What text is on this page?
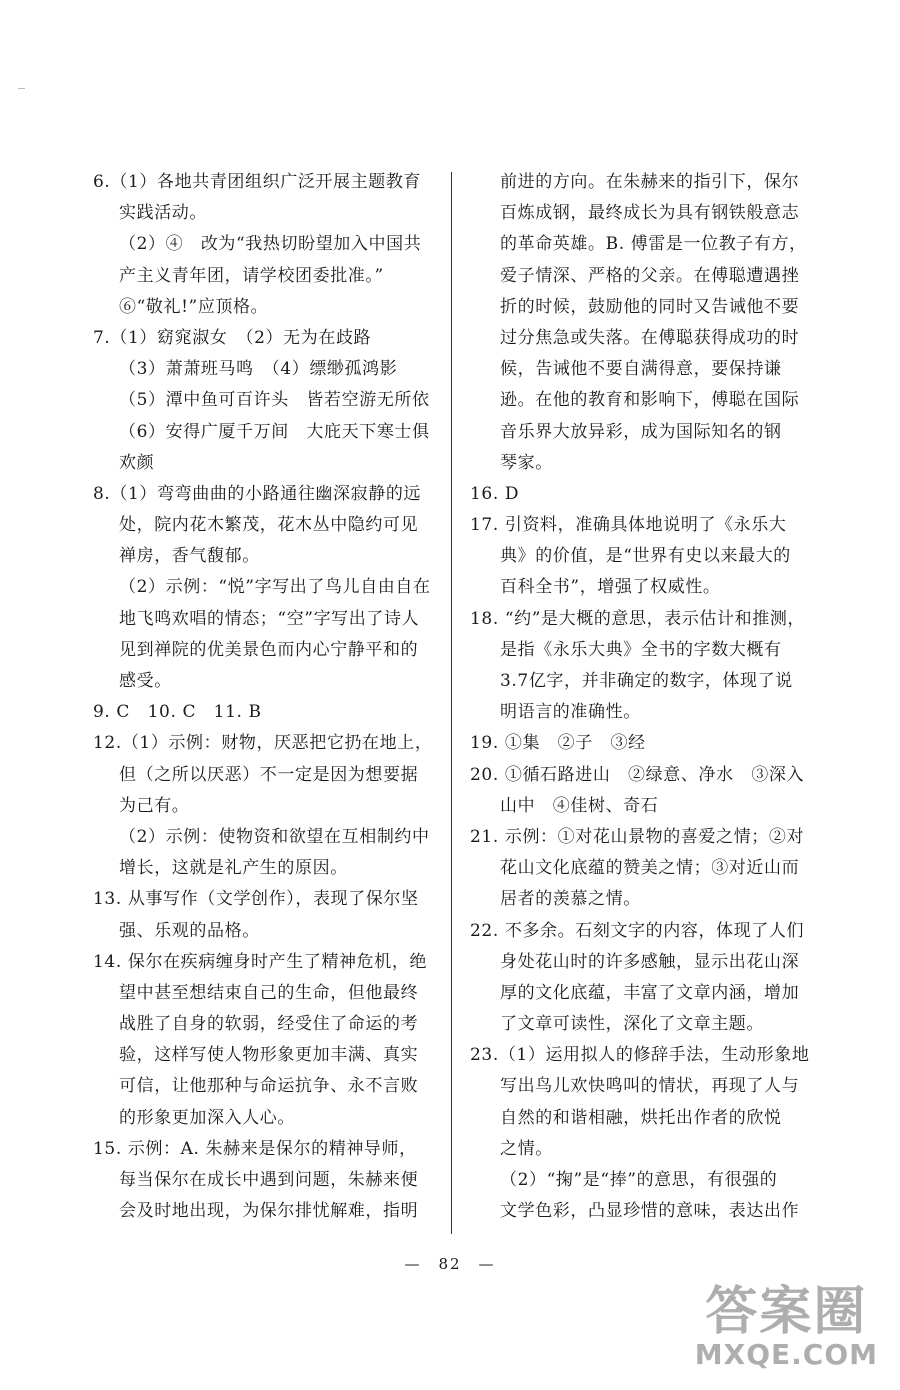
6.（1）各地共青团组织广泛开展主题教育
实践活动。
（2）④　改为“我热切盼望加入中国共
产主义青年团，请学校团委批准。”
⑥“敬礼!”应顶格。
7.（1）窈窕淑女　（2）无为在歧路
（3）萧萧班马鸣　（4）缥缈孤鸿影
（5）潭中鱼可百许头　皆若空游无所依
（6）安得广厦千万间　大庇天下寒士俱
欢颜
8.（1）弯弯曲曲的小路通往幽深寂静的远
处，院内花木繁茂，花木丛中隐约可见
禅房，香气馥郁。
（2）示例：“悦”字写出了鸟儿自由自在
地飞鸣欢唱的情态；“空”字写出了诗人
见到禅院的优美景色而内心宁静平和的
感受。
9. C　10. C　11. B
12.（1）示例：财物，厌恶把它扔在地上，
但（之所以厌恶）不一定是因为想要据
为己有。
（2）示例：使物资和欲望在互相制约中
增长，这就是礼产生的原因。
13. 从事写作（文学创作），表现了保尔坚
强、乐观的品格。
14. 保尔在疾病缠身时产生了精神危机，绝
望中甚至想结束自己的生命，但他最终
战胜了自身的软弱，经受住了命运的考
验，这样写使人物形象更加丰满、真实
可信，让他那种与命运抗争、永不言败
的形象更加深入人心。
15. 示例：A. 朱赫来是保尔的精神导师，
每当保尔在成长中遇到问题，朱赫来便
会及时地出现，为保尔排忧解难，指明
前进的方向。在朱赫来的指引下，保尔
百炼成钢，最终成长为具有钢铁般意志
的革命英雄。B. 傅雷是一位教子有方，
爱子情深、严格的父亲。在傅聪遭遇挫
折的时候，鼓励他的同时又告诫他不要
过分焦急或失落。在傅聪获得成功的时
候，告诫他不要自满得意，要保持谦
逊。在他的教育和影响下，傅聪在国际
音乐界大放异彩，成为国际知名的钢
琴家。
16. D
17. 引资料，准确具体地说明了《永乐大
典》的价值，是“世界有史以来最大的
百科全书”，增强了权威性。
18. “约”是大概的意思，表示估计和推测，
是指《永乐大典》全书的字数大概有
3.7亿字，并非确定的数字，体现了说
明语言的准确性。
19. ①集　②子　③经
20. ①循石路进山　②绿意、净水　③深入
山中　④佳树、奇石
21. 示例：①对花山景物的喜爱之情；②对
花山文化底蕴的赞美之情；③对近山而
居者的羡慕之情。
22. 不多余。石刻文字的内容，体现了人们
身处花山时的许多感触，显示出花山深
厚的文化底蕴，丰富了文章内涵，增加
了文章可读性，深化了文章主题。
23.（1）运用拟人的修辞手法，生动形象地
写出鸟儿欢快鸣叫的情状，再现了人与
自然的和谐相融，烘托出作者的欣悦
之情。
（2）“掬”是“捧”的意思，有很强的
文学色彩，凸显珍惜的意味，表达出作
—　82　—
答案圈
MXQE.COM
